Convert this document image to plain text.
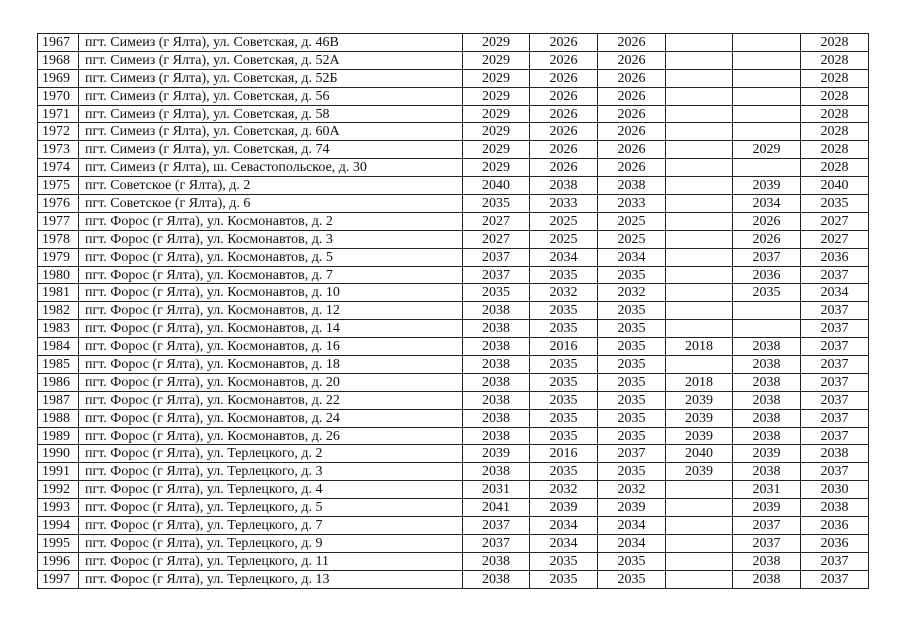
1967	пгт. Симеиз (г Ялта), ул. Советская, д. 46В	2029	2026	2026			2028
1968	пгт. Симеиз (г Ялта), ул. Советская, д. 52А	2029	2026	2026			2028
1969	пгт. Симеиз (г Ялта), ул. Советская, д. 52Б	2029	2026	2026			2028
1970	пгт. Симеиз (г Ялта), ул. Советская, д. 56	2029	2026	2026			2028
1971	пгт. Симеиз (г Ялта), ул. Советская, д. 58	2029	2026	2026			2028
1972	пгт. Симеиз (г Ялта), ул. Советская, д. 60А	2029	2026	2026			2028
1973	пгт. Симеиз (г Ялта), ул. Советская, д. 74	2029	2026	2026		2029	2028
1974	пгт. Симеиз (г Ялта), ш. Севастопольское, д. 30	2029	2026	2026			2028
1975	пгт. Советское (г Ялта), д. 2	2040	2038	2038		2039	2040
1976	пгт. Советское (г Ялта), д. 6	2035	2033	2033		2034	2035
1977	пгт. Форос (г Ялта), ул. Космонавтов, д. 2	2027	2025	2025		2026	2027
1978	пгт. Форос (г Ялта), ул. Космонавтов, д. 3	2027	2025	2025		2026	2027
1979	пгт. Форос (г Ялта), ул. Космонавтов, д. 5	2037	2034	2034		2037	2036
1980	пгт. Форос (г Ялта), ул. Космонавтов, д. 7	2037	2035	2035		2036	2037
1981	пгт. Форос (г Ялта), ул. Космонавтов, д. 10	2035	2032	2032		2035	2034
1982	пгт. Форос (г Ялта), ул. Космонавтов, д. 12	2038	2035	2035			2037
1983	пгт. Форос (г Ялта), ул. Космонавтов, д. 14	2038	2035	2035			2037
1984	пгт. Форос (г Ялта), ул. Космонавтов, д. 16	2038	2016	2035	2018	2038	2037
1985	пгт. Форос (г Ялта), ул. Космонавтов, д. 18	2038	2035	2035		2038	2037
1986	пгт. Форос (г Ялта), ул. Космонавтов, д. 20	2038	2035	2035	2018	2038	2037
1987	пгт. Форос (г Ялта), ул. Космонавтов, д. 22	2038	2035	2035	2039	2038	2037
1988	пгт. Форос (г Ялта), ул. Космонавтов, д. 24	2038	2035	2035	2039	2038	2037
1989	пгт. Форос (г Ялта), ул. Космонавтов, д. 26	2038	2035	2035	2039	2038	2037
1990	пгт. Форос (г Ялта), ул. Терлецкого, д. 2	2039	2016	2037	2040	2039	2038
1991	пгт. Форос (г Ялта), ул. Терлецкого, д. 3	2038	2035	2035	2039	2038	2037
1992	пгт. Форос (г Ялта), ул. Терлецкого, д. 4	2031	2032	2032		2031	2030
1993	пгт. Форос (г Ялта), ул. Терлецкого, д. 5	2041	2039	2039		2039	2038
1994	пгт. Форос (г Ялта), ул. Терлецкого, д. 7	2037	2034	2034		2037	2036
1995	пгт. Форос (г Ялта), ул. Терлецкого, д. 9	2037	2034	2034		2037	2036
1996	пгт. Форос (г Ялта), ул. Терлецкого, д. 11	2038	2035	2035		2038	2037
1997	пгт. Форос (г Ялта), ул. Терлецкого, д. 13	2038	2035	2035		2038	2037
